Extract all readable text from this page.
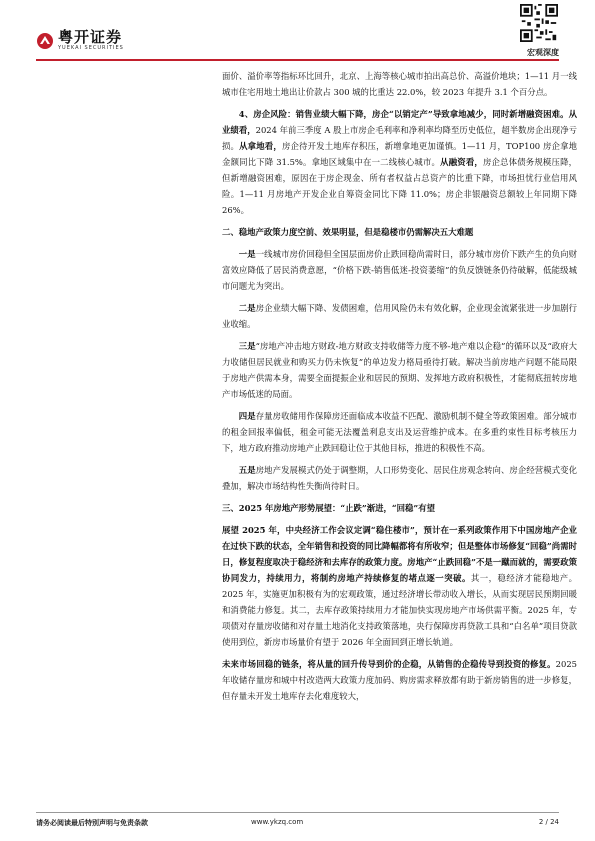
粤开证券
YUEKAI SECURITIES	宏观深度

面价、溢价率等指标环比回升，北京、上海等核心城市拍出高总价、高溢价地块；1—11 月一线城市住宅用地土地出让价款占 300 城的比重达 22.0%，较 2023 年提升 3.1 个百分点。

4、房企风险：销售业绩大幅下降，房企“以销定产”导致拿地减少，同时新增融资困难。从业绩看，2024 年前三季度 A 股上市房企毛利率和净利率均降至历史低位，超半数房企出现净亏损。从拿地看，房企待开发土地库存积压，新增拿地更加谨慎。1—11 月，TOP100 房企拿地金额同比下降 31.5%。拿地区域集中在一二线核心城市。从融资看，房企总体债务规模压降，但新增融资困难，原因在于房企现金、所有者权益占总资产的比重下降，市场担忧行业信用风险。1—11 月房地产开发企业自筹资金同比下降 11.0%；房企非银融资总额较上年同期下降 26%。

二、稳地产政策力度空前、效果明显，但是稳楼市仍需解决五大难题

一是一线城市房价回稳但全国层面房价止跌回稳尚需时日，部分城市房价下跌产生的负向财富效应降低了居民消费意愿，“价格下跌-销售低迷-投资萎缩”的负反馈链条仍待破解，低能级城市问题尤为突出。

二是房企业绩大幅下降、发债困难，信用风险仍未有效化解，企业现金流紧张进一步加剧行业收缩。

三是“房地产冲击地方财政-地方财政支持收储等力度不够-地产难以企稳”的循环以及“政府大力收储但居民就业和购买力仍未恢复”的单边发力格局亟待打破。解决当前房地产问题不能局限于房地产供需本身，需要全面提振企业和居民的预期、发挥地方政府积极性，才能彻底扭转房地产市场低迷的局面。

四是存量房收储用作保障房还面临成本收益不匹配、激励机制不健全等政策困难。部分城市的租金回报率偏低，租金可能无法覆盖利息支出及运营维护成本。在多重约束性目标考核压力下，地方政府推动房地产止跌回稳让位于其他目标，推进的积极性不高。

五是房地产发展模式仍处于调整期，人口形势变化、居民住房观念转向、房企经营模式变化叠加，解决市场结构性失衡尚待时日。

三、2025 年房地产形势展望：“止跌”渐进，“回稳”有望

展望 2025 年，中央经济工作会议定调“稳住楼市”，预计在一系列政策作用下中国房地产企业在过快下跌的状态，全年销售和投资的同比降幅都将有所收窄；但是整体市场修复“回稳”尚需时日，修复程度取决于稳经济和去库存的政策力度。房地产“止跌回稳”不是一蹴而就的，需要政策协同发力，持续用力，将制约房地产持续修复的堵点逐一突破。其一，稳经济才能稳地产。2025 年，实施更加积极有为的宏观政策，通过经济增长带动收入增长，从而实现居民预期回暖和消费能力修复。其二，去库存政策持续用力才能加快实现房地产市场供需平衡。2025 年，专项债对存量房收储和对存量土地消化支持政策落地，央行保障房再贷款工具和“白名单”项目贷款使用到位，新房市场量价有望于 2026 年全面回到正增长轨道。

未来市场回稳的链条，将从量的回升传导到价的企稳，从销售的企稳传导到投资的修复。2025 年收储存量房和城中村改造两大政策力度加码、购房需求释放都有助于新房销售的进一步修复，但存量未开发土地库存去化难度较大，

请务必阅读最后特别声明与免责条款	www.ykzq.com	2 / 24
